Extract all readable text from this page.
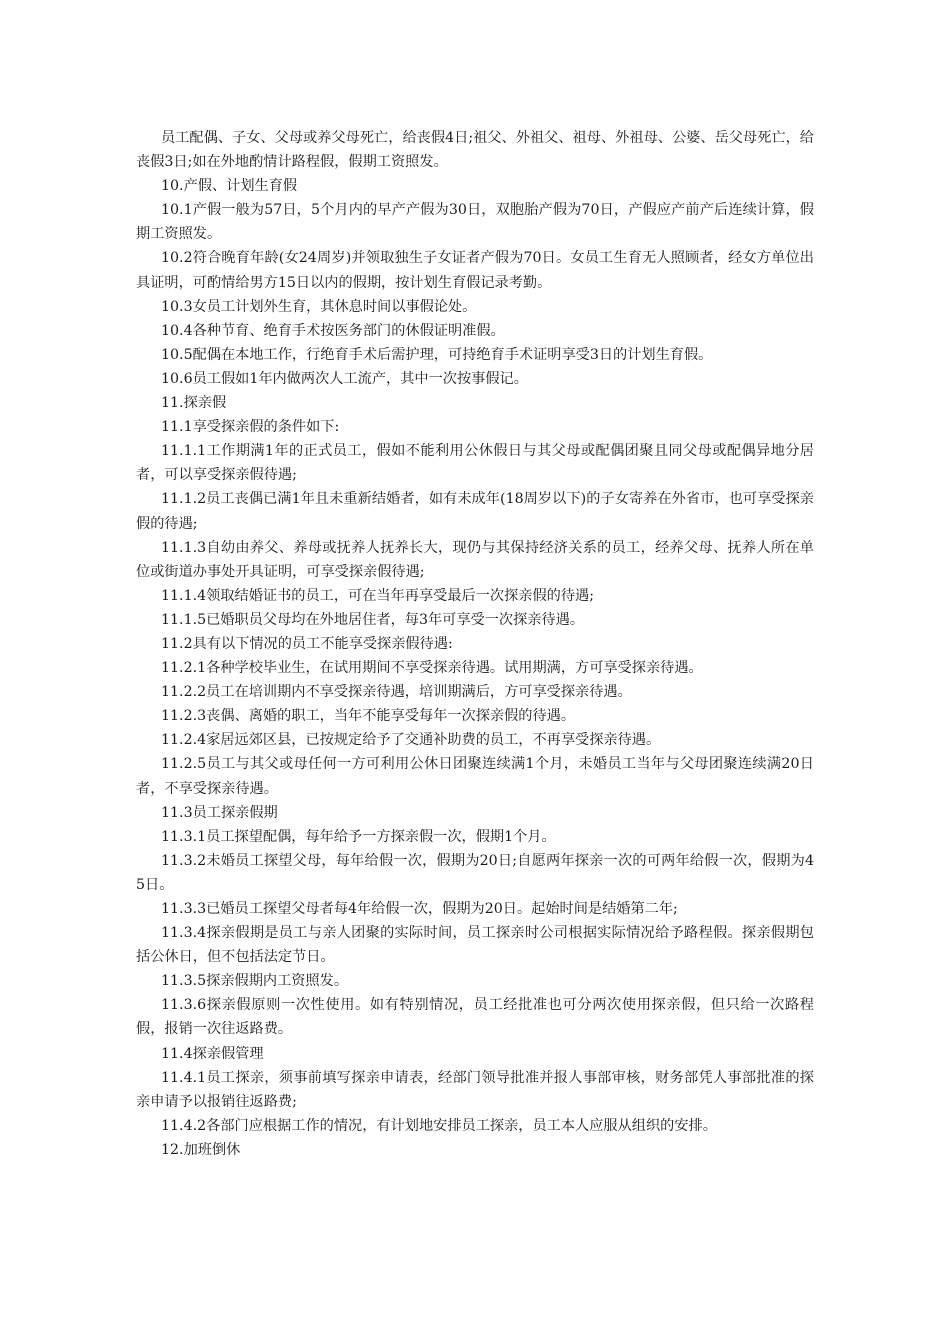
员工配偶、子女、父母或养父母死亡，给丧假4日;祖父、外祖父、祖母、外祖母、公婆、岳父母死亡，给丧假3日;如在外地酌情计路程假，假期工资照发。

10.产假、计划生育假

10.1产假一般为57日，5个月内的早产产假为30日，双胞胎产假为70日，产假应产前产后连续计算，假期工资照发。

10.2符合晚育年龄(女24周岁)并领取独生子女证者产假为70日。女员工生育无人照顾者，经女方单位出具证明，可酌情给男方15日以内的假期，按计划生育假记录考勤。

10.3女员工计划外生育，其休息时间以事假论处。

10.4各种节育、绝育手术按医务部门的休假证明准假。

10.5配偶在本地工作，行绝育手术后需护理，可持绝育手术证明享受3日的计划生育假。

10.6员工假如1年内做两次人工流产，其中一次按事假记。

11.探亲假

11.1享受探亲假的条件如下:

11.1.1工作期满1年的正式员工，假如不能利用公休假日与其父母或配偶团聚且同父母或配偶异地分居者，可以享受探亲假待遇;

11.1.2员工丧偶已满1年且未重新结婚者，如有未成年(18周岁以下)的子女寄养在外省市，也可享受探亲假的待遇;

11.1.3自幼由养父、养母或抚养人抚养长大，现仍与其保持经济关系的员工，经养父母、抚养人所在单位或街道办事处开具证明，可享受探亲假待遇;

11.1.4领取结婚证书的员工，可在当年再享受最后一次探亲假的待遇;

11.1.5已婚职员父母均在外地居住者，每3年可享受一次探亲待遇。

11.2具有以下情况的员工不能享受探亲假待遇:

11.2.1各种学校毕业生，在试用期间不享受探亲待遇。试用期满，方可享受探亲待遇。

11.2.2员工在培训期内不享受探亲待遇，培训期满后，方可享受探亲待遇。

11.2.3丧偶、离婚的职工，当年不能享受每年一次探亲假的待遇。

11.2.4家居远郊区县，已按规定给予了交通补助费的员工，不再享受探亲待遇。

11.2.5员工与其父或母任何一方可利用公休日团聚连续满1个月，未婚员工当年与父母团聚连续满20日者，不享受探亲待遇。

11.3员工探亲假期

11.3.1员工探望配偶，每年给予一方探亲假一次，假期1个月。

11.3.2未婚员工探望父母，每年给假一次，假期为20日;自愿两年探亲一次的可两年给假一次，假期为45日。

11.3.3已婚员工探望父母者每4年给假一次，假期为20日。起始时间是结婚第二年;

11.3.4探亲假期是员工与亲人团聚的实际时间，员工探亲时公司根据实际情况给予路程假。探亲假期包括公休日，但不包括法定节日。

11.3.5探亲假期内工资照发。

11.3.6探亲假原则一次性使用。如有特别情况，员工经批准也可分两次使用探亲假，但只给一次路程假，报销一次往返路费。

11.4探亲假管理

11.4.1员工探亲，须事前填写探亲申请表，经部门领导批准并报人事部审核，财务部凭人事部批准的探亲申请予以报销往返路费;

11.4.2各部门应根据工作的情况，有计划地安排员工探亲，员工本人应服从组织的安排。

12.加班倒休
